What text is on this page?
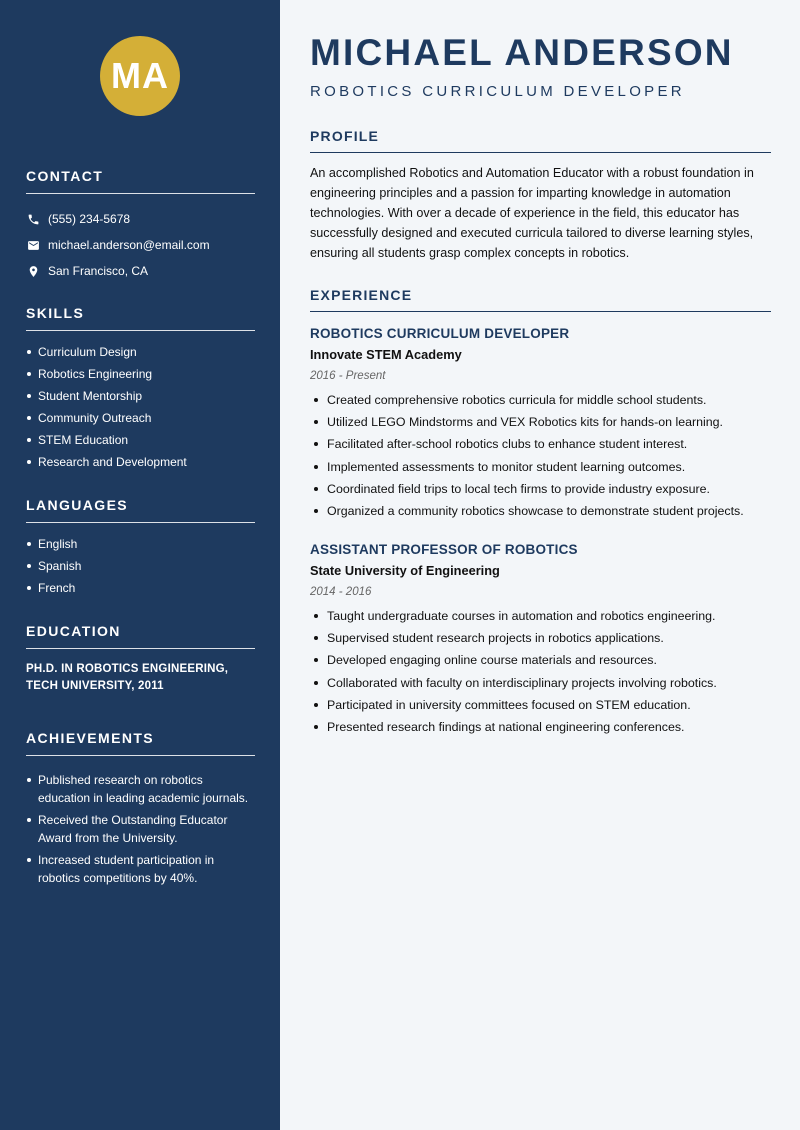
MA
CONTACT
(555) 234-5678
michael.anderson@email.com
San Francisco, CA
SKILLS
Curriculum Design
Robotics Engineering
Student Mentorship
Community Outreach
STEM Education
Research and Development
LANGUAGES
English
Spanish
French
EDUCATION
PH.D. IN ROBOTICS ENGINEERING, TECH UNIVERSITY, 2011
ACHIEVEMENTS
Published research on robotics education in leading academic journals.
Received the Outstanding Educator Award from the University.
Increased student participation in robotics competitions by 40%.
MICHAEL ANDERSON
ROBOTICS CURRICULUM DEVELOPER
PROFILE

An accomplished Robotics and Automation Educator with a robust foundation in engineering principles and a passion for imparting knowledge in automation technologies. With over a decade of experience in the field, this educator has successfully designed and executed curricula tailored to diverse learning styles, ensuring all students grasp complex concepts in robotics.

EXPERIENCE
ROBOTICS CURRICULUM DEVELOPER
Innovate STEM Academy
2016 - Present
Created comprehensive robotics curricula for middle school students.
Utilized LEGO Mindstorms and VEX Robotics kits for hands-on learning.
Facilitated after-school robotics clubs to enhance student interest.
Implemented assessments to monitor student learning outcomes.
Coordinated field trips to local tech firms to provide industry exposure.
Organized a community robotics showcase to demonstrate student projects.
ASSISTANT PROFESSOR OF ROBOTICS
State University of Engineering
2014 - 2016
Taught undergraduate courses in automation and robotics engineering.
Supervised student research projects in robotics applications.
Developed engaging online course materials and resources.
Collaborated with faculty on interdisciplinary projects involving robotics.
Participated in university committees focused on STEM education.
Presented research findings at national engineering conferences.
